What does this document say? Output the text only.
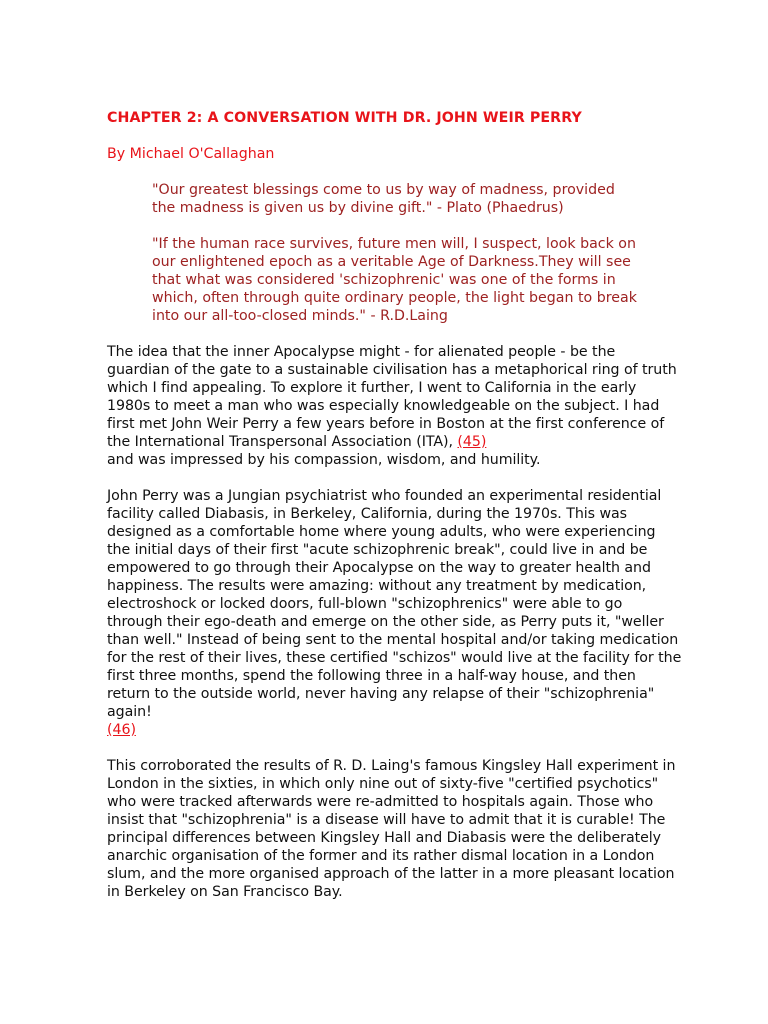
CHAPTER 2: A CONVERSATION WITH DR. JOHN WEIR PERRY
By Michael O'Callaghan
"Our greatest blessings come to us by way of madness, provided the madness is given us by divine gift." - Plato (Phaedrus)
"If the human race survives, future men will, I suspect, look back on our enlightened epoch as a veritable Age of Darkness.They will see that what was considered 'schizophrenic' was one of the forms in which, often through quite ordinary people, the light began to break into our all-too-closed minds." - R.D.Laing
The idea that the inner Apocalypse might - for alienated people - be the guardian of the gate to a sustainable civilisation has a metaphorical ring of truth which I find appealing. To explore it further, I went to California in the early 1980s to meet a man who was especially knowledgeable on the subject. I had first met John Weir Perry a few years before in Boston at the first conference of the International Transpersonal Association (ITA), (45)
and was impressed by his compassion, wisdom, and humility.
John Perry was a Jungian psychiatrist who founded an experimental residential facility called Diabasis, in Berkeley, California, during the 1970s. This was designed as a comfortable home where young adults, who were experiencing the initial days of their first "acute schizophrenic break", could live in and be empowered to go through their Apocalypse on the way to greater health and happiness. The results were amazing: without any treatment by medication, electroshock or locked doors, full-blown "schizophrenics" were able to go through their ego-death and emerge on the other side, as Perry puts it, "weller than well." Instead of being sent to the mental hospital and/or taking medication for the rest of their lives, these certified "schizos" would live at the facility for the first three months, spend the following three in a half-way house, and then return to the outside world, never having any relapse of their "schizophrenia" again!
(46)
This corroborated the results of R. D. Laing's famous Kingsley Hall experiment in London in the sixties, in which only nine out of sixty-five "certified psychotics" who were tracked afterwards were re-admitted to hospitals again. Those who insist that "schizophrenia" is a disease will have to admit that it is curable! The principal differences between Kingsley Hall and Diabasis were the deliberately anarchic organisation of the former and its rather dismal location in a London slum, and the more organised approach of the latter in a more pleasant location in Berkeley on San Francisco Bay.
